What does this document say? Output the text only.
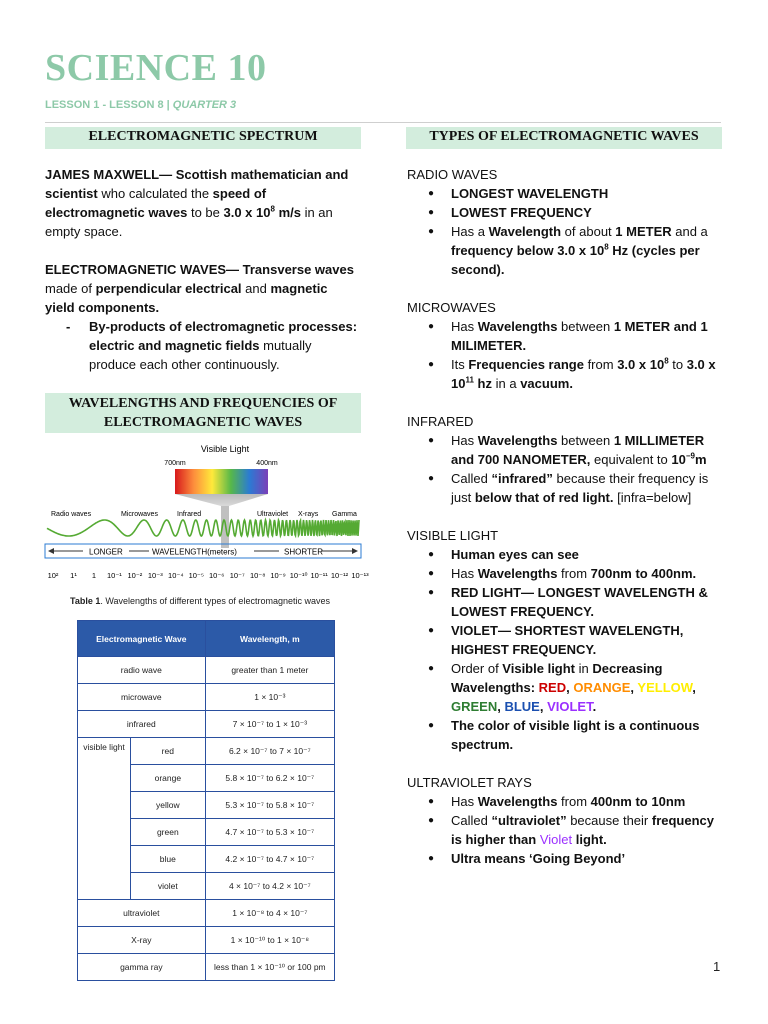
SCIENCE 10
LESSON 1 - LESSON 8 | QUARTER 3
ELECTROMAGNETIC SPECTRUM

JAMES MAXWELL— Scottish mathematician and scientist who calculated the speed of electromagnetic waves to be 3.0 x $10^8$ m/s in an empty space.

ELECTROMAGNETIC WAVES— Transverse waves made of perpendicular electrical and magnetic yield components.

- By-products of electromagnetic processes: electric and magnetic fields mutually produce each other continuously.
WAVELENGTHS AND FREQUENCIES OF ELECTROMAGNETIC WAVES
Visible Light
700nm	400nm
Radio waves	Microwaves	Infrared	Ultraviolet X-rays Gamma
LONGER	WAVELENGTH(meters)	SHORTER
10² 1¹ 1 10⁻¹ 10⁻² 10⁻³ 10⁻⁴ 10⁻⁵ 10⁻⁶ 10⁻⁷ 10⁻⁸ 10⁻⁹ 10⁻¹⁰ 10⁻¹¹ 10⁻¹² 10⁻¹³
Table 1. Wavelengths of different types of electromagnetic waves
Electromagnetic Wave		Wavelength, m
radio wave		greater than 1 meter
microwave		1 × 10⁻³
infrared		7 × 10⁻⁷ to 1 × 10⁻³
visible light	red	6.2 × 10⁻⁷ to 7 × 10⁻⁷
	orange	5.8 × 10⁻⁷ to 6.2 × 10⁻⁷
	yellow	5.3 × 10⁻⁷ to 5.8 × 10⁻⁷
	green	4.7 × 10⁻⁷ to 5.3 × 10⁻⁷
	blue	4.2 × 10⁻⁷ to 4.7 × 10⁻⁷
	violet	4 × 10⁻⁷ to 4.2 × 10⁻⁷
ultraviolet		1 × 10⁻⁸ to 4 × 10⁻⁷
X-ray		1 × 10⁻¹⁰ to 1 × 10⁻⁸
gamma ray		less than 1 × 10⁻¹⁰ or 100 pm
TYPES OF ELECTROMAGNETIC WAVES

RADIO WAVES

● LONGEST WAVELENGTH
● LOWEST FREQUENCY
● Has a Wavelength of about 1 METER and a frequency below 3.0 x $10^8$ Hz (cycles per second).

MICROWAVES

● Has Wavelengths between 1 METER and 1 MILIMETER.
● Its Frequencies range from 3.0 x $10^8$ to 3.0 x $10^{11}$ hz in a vacuum.

INFRARED

● Has Wavelengths between 1 MILLIMETER and 700 NANOMETER, equivalent to $10^{-9}m$
● Called “infrared” because their frequency is just below that of red light. [infra=below]

VISIBLE LIGHT

● Human eyes can see
● Has Wavelengths from 700nm to 400nm.
● RED LIGHT— LONGEST WAVELENGTH & LOWEST FREQUENCY.
● VIOLET— SHORTEST WAVELENGTH, HIGHEST FREQUENCY.
● Order of Visible light in Decreasing Wavelengths: RED, ORANGE, YELLOW, GREEN, BLUE, VIOLET.
● The color of visible light is a continuous spectrum.

ULTRAVIOLET RAYS

● Has Wavelengths from 400nm to 10nm
● Called “ultraviolet” because their frequency is higher than Violet light.
● Ultra means ‘Going Beyond’
1
